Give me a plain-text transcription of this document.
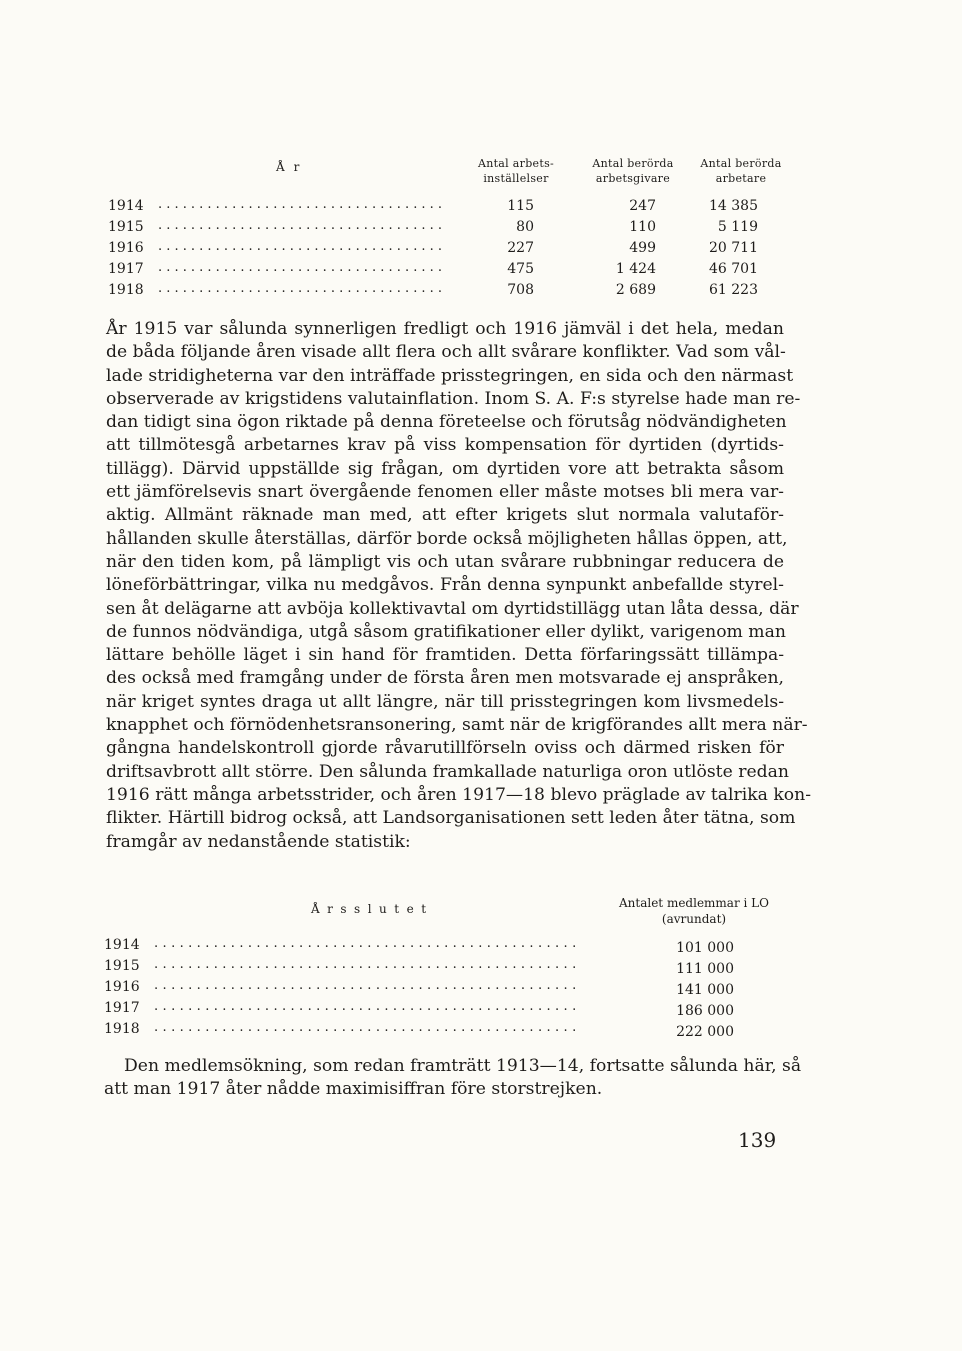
År	Antal arbets-
inställelser
Antal berörda
arbetsgivare
Antal berörda
arbetare
1914 ...................................	115	247	14 385
1915 ...................................	80	110	5 119
1916 ...................................	227	499	20 711
1917 ...................................	475	1 424	46 701
1918 ...................................	708	2 689	61 223
År 1915 var sålunda synnerligen fredligt och 1916 jämväl i det hela, medan
de båda följande åren visade allt flera och allt svårare konflikter. Vad som vål-
lade stridigheterna var den inträffade prisstegringen, en sida och den närmast
observerade av krigstidens valutainflation. Inom S. A. F:s styrelse hade man re-
dan tidigt sina ögon riktade på denna företeelse och förutsåg nödvändigheten
att tillmötesgå arbetarnes krav på viss kompensation för dyrtiden (dyrtids-
tillägg). Därvid uppställde sig frågan, om dyrtiden vore att betrakta såsom
ett jämförelsevis snart övergående fenomen eller måste motses bli mera var-
aktig. Allmänt räknade man med, att efter krigets slut normala valutaför-
hållanden skulle återställas, därför borde också möjligheten hållas öppen, att,
när den tiden kom, på lämpligt vis och utan svårare rubbningar reducera de
löneförbättringar, vilka nu medgåvos. Från denna synpunkt anbefallde styrel-
sen åt delägarne att avböja kollektivavtal om dyrtidstillägg utan låta dessa, där
de funnos nödvändiga, utgå såsom gratifikationer eller dylikt, varigenom man
lättare behölle läget i sin hand för framtiden. Detta förfaringssätt tillämpa-
des också med framgång under de första åren men motsvarade ej anspråken,
när kriget syntes draga ut allt längre, när till prisstegringen kom livsmedels-
knapphet och förnödenhetsransonering, samt när de krigförandes allt mera när-
gångna handelskontroll gjorde råvarutillförseln oviss och därmed risken för
driftsavbrott allt större. Den sålunda framkallade naturliga oron utlöste redan
1916 rätt många arbetsstrider, och åren 1917—18 blevo präglade av talrika kon-
flikter. Härtill bidrog också, att Landsorganisationen sett leden åter tätna, som
framgår av nedanstående statistik:
Årsslutet	Antalet medlemmar i LO
(avrundat)
1914 ..................................................	101 000
1915 ..................................................	111 000
1916 ..................................................	141 000
1917 ..................................................	186 000
1918 ..................................................	222 000
Den medlemsökning, som redan framträtt 1913—14, fortsatte sålunda här, så
att man 1917 åter nådde maximisiffran före storstrejken.
139
